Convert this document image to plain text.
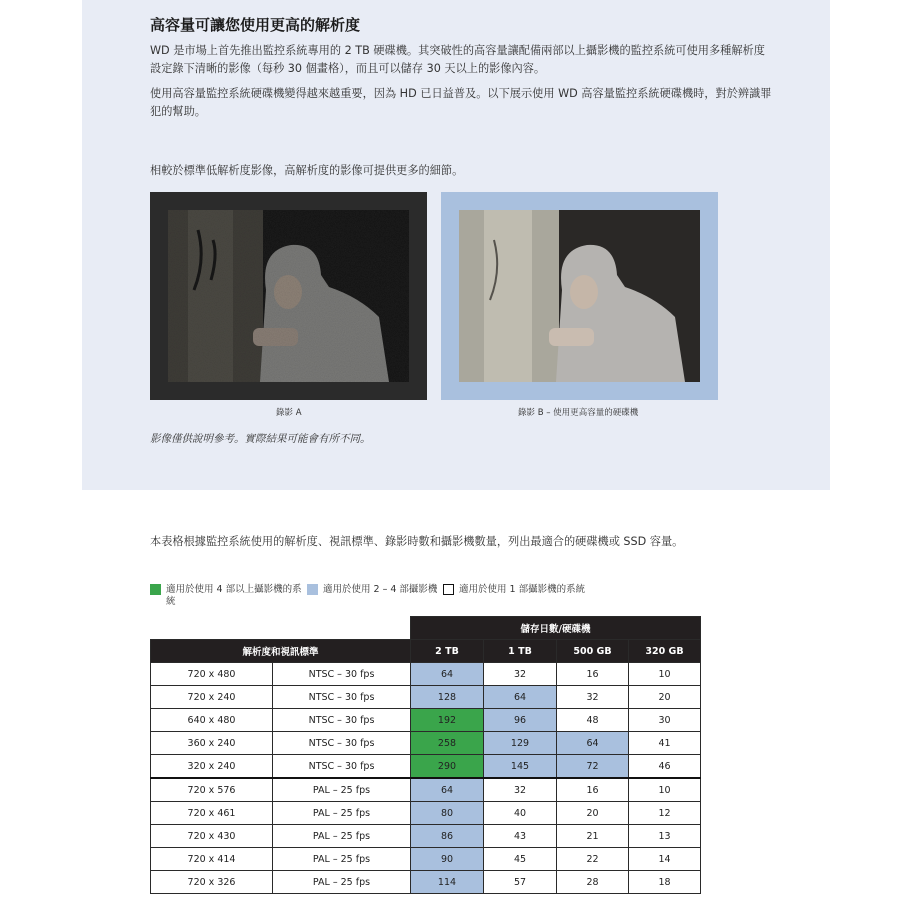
高容量可讓您使用更高的解析度

WD 是市場上首先推出監控系統專用的 2 TB 硬碟機。其突破性的高容量讓配備兩部以上攝影機的監控系統可使用多種解析度設定錄下清晰的影像（每秒 30 個畫格），而且可以儲存 30 天以上的影像內容。

使用高容量監控系統硬碟機變得越來越重要，因為 HD 已日益普及。以下展示使用 WD 高容量監控系統硬碟機時，對於辨識罪犯的幫助。

相較於標準低解析度影像，高解析度的影像可提供更多的細節。

錄影 A	錄影 B – 使用更高容量的硬碟機

影像僅供說明參考。實際結果可能會有所不同。

本表格根據監控系統使用的解析度、視訊標準、錄影時數和攝影機數量，列出最適合的硬碟機或 SSD 容量。

適用於使用 4 部以上攝影機的系統
適用於使用 2 – 4 部攝影機	適用於使用 1 部攝影機的系統
		儲存日數/硬碟機			
解析度和視訊標準		2 TB	1 TB	500 GB	320 GB
720 x 480	NTSC – 30 fps	64	32	16	10
720 x 240	NTSC – 30 fps	128	64	32	20
640 x 480	NTSC – 30 fps	192	96	48	30
360 x 240	NTSC – 30 fps	258	129	64	41
320 x 240	NTSC – 30 fps	290	145	72	46
720 x 576	PAL – 25 fps	64	32	16	10
720 x 461	PAL – 25 fps	80	40	20	12
720 x 430	PAL – 25 fps	86	43	21	13
720 x 414	PAL – 25 fps	90	45	22	14
720 x 326	PAL – 25 fps	114	57	28	18
